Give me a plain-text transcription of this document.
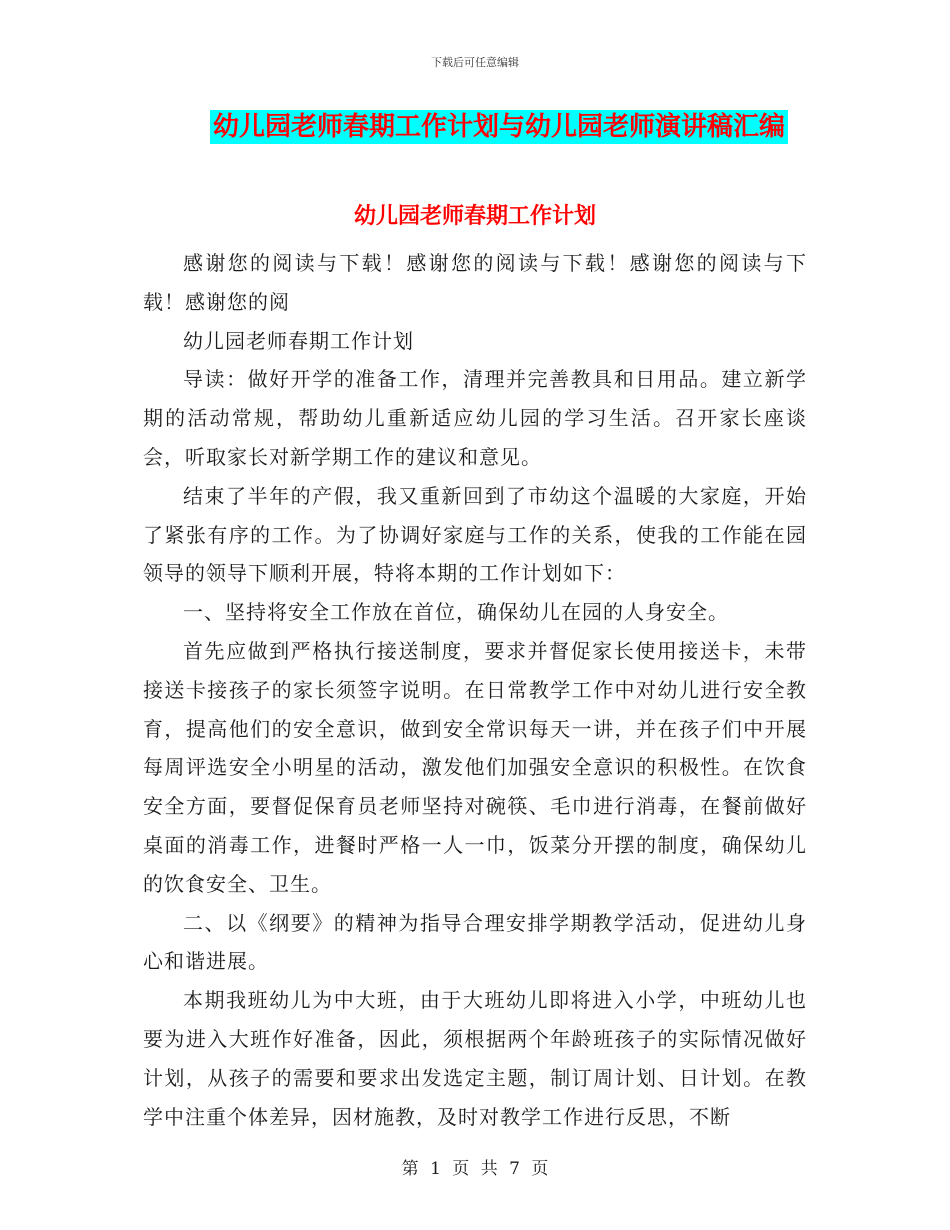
下载后可任意编辑
幼儿园老师春期工作计划与幼儿园老师演讲稿汇编
幼儿园老师春期工作计划

感谢您的阅读与下载！感谢您的阅读与下载！感谢您的阅读与下载！感谢您的阅

幼儿园老师春期工作计划

导读：做好开学的准备工作，清理并完善教具和日用品。建立新学期的活动常规，帮助幼儿重新适应幼儿园的学习生活。召开家长座谈会，听取家长对新学期工作的建议和意见。

结束了半年的产假，我又重新回到了市幼这个温暖的大家庭，开始了紧张有序的工作。为了协调好家庭与工作的关系，使我的工作能在园领导的领导下顺利开展，特将本期的工作计划如下：

一、坚持将安全工作放在首位，确保幼儿在园的人身安全。

首先应做到严格执行接送制度，要求并督促家长使用接送卡，未带接送卡接孩子的家长须签字说明。在日常教学工作中对幼儿进行安全教育，提高他们的安全意识，做到安全常识每天一讲，并在孩子们中开展每周评选安全小明星的活动，激发他们加强安全意识的积极性。在饮食安全方面，要督促保育员老师坚持对碗筷、毛巾进行消毒，在餐前做好桌面的消毒工作，进餐时严格一人一巾，饭菜分开摆的制度，确保幼儿的饮食安全、卫生。

二、以《纲要》的精神为指导合理安排学期教学活动，促进幼儿身心和谐进展。

本期我班幼儿为中大班，由于大班幼儿即将进入小学，中班幼儿也要为进入大班作好准备，因此，须根据两个年龄班孩子的实际情况做好计划，从孩子的需要和要求出发选定主题，制订周计划、日计划。在教学中注重个体差异，因材施教，及时对教学工作进行反思，不断

第 1 页 共 7 页
